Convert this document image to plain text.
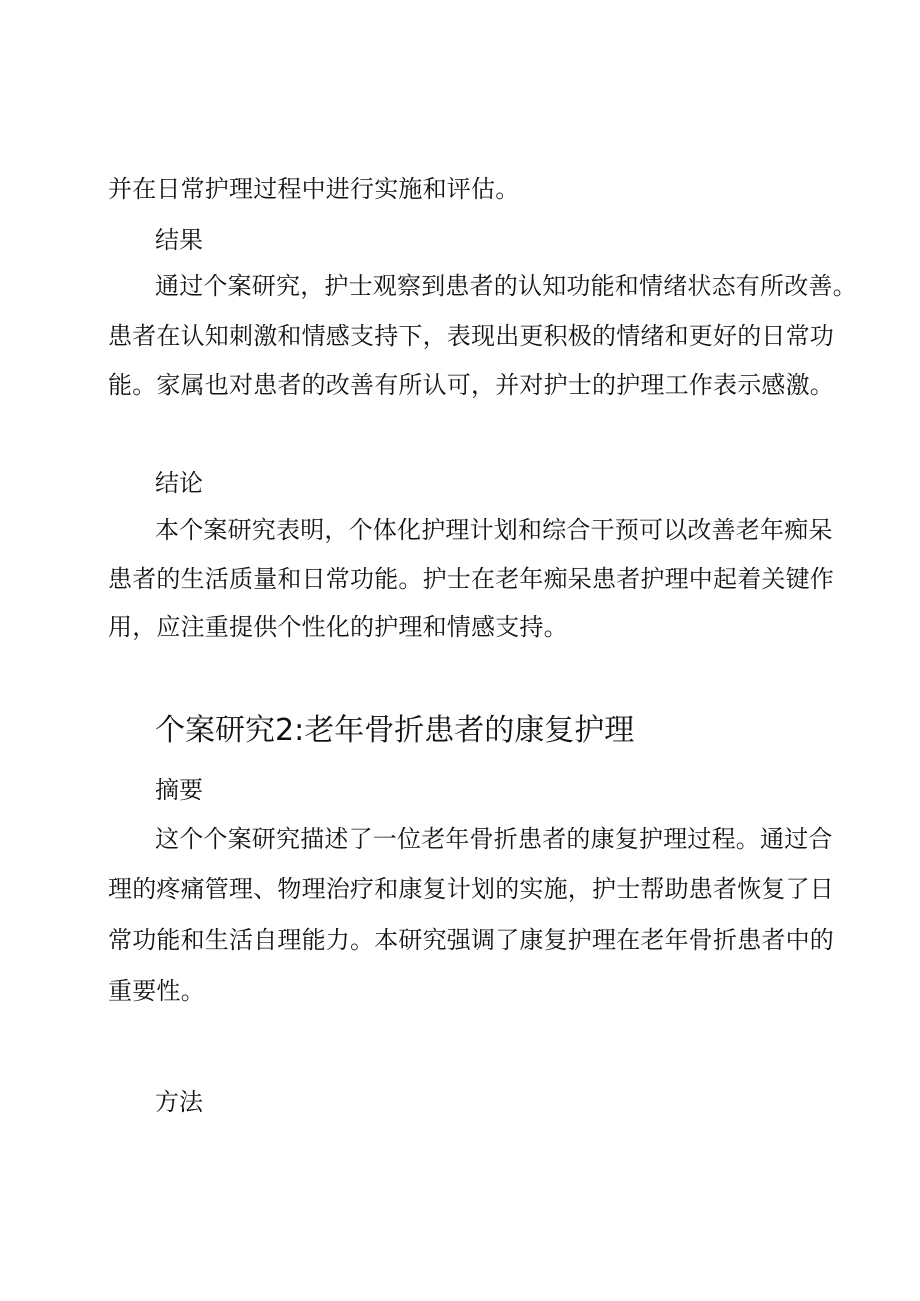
并在日常护理过程中进行实施和评估。
结果
通过个案研究，护士观察到患者的认知功能和情绪状态有所改善。
患者在认知刺激和情感支持下，表现出更积极的情绪和更好的日常功
能。家属也对患者的改善有所认可，并对护士的护理工作表示感激。
结论
本个案研究表明，个体化护理计划和综合干预可以改善老年痴呆
患者的生活质量和日常功能。护士在老年痴呆患者护理中起着关键作
用，应注重提供个性化的护理和情感支持。
个案研究2:老年骨折患者的康复护理
摘要
这个个案研究描述了一位老年骨折患者的康复护理过程。通过合
理的疼痛管理、物理治疗和康复计划的实施，护士帮助患者恢复了日
常功能和生活自理能力。本研究强调了康复护理在老年骨折患者中的
重要性。
方法
